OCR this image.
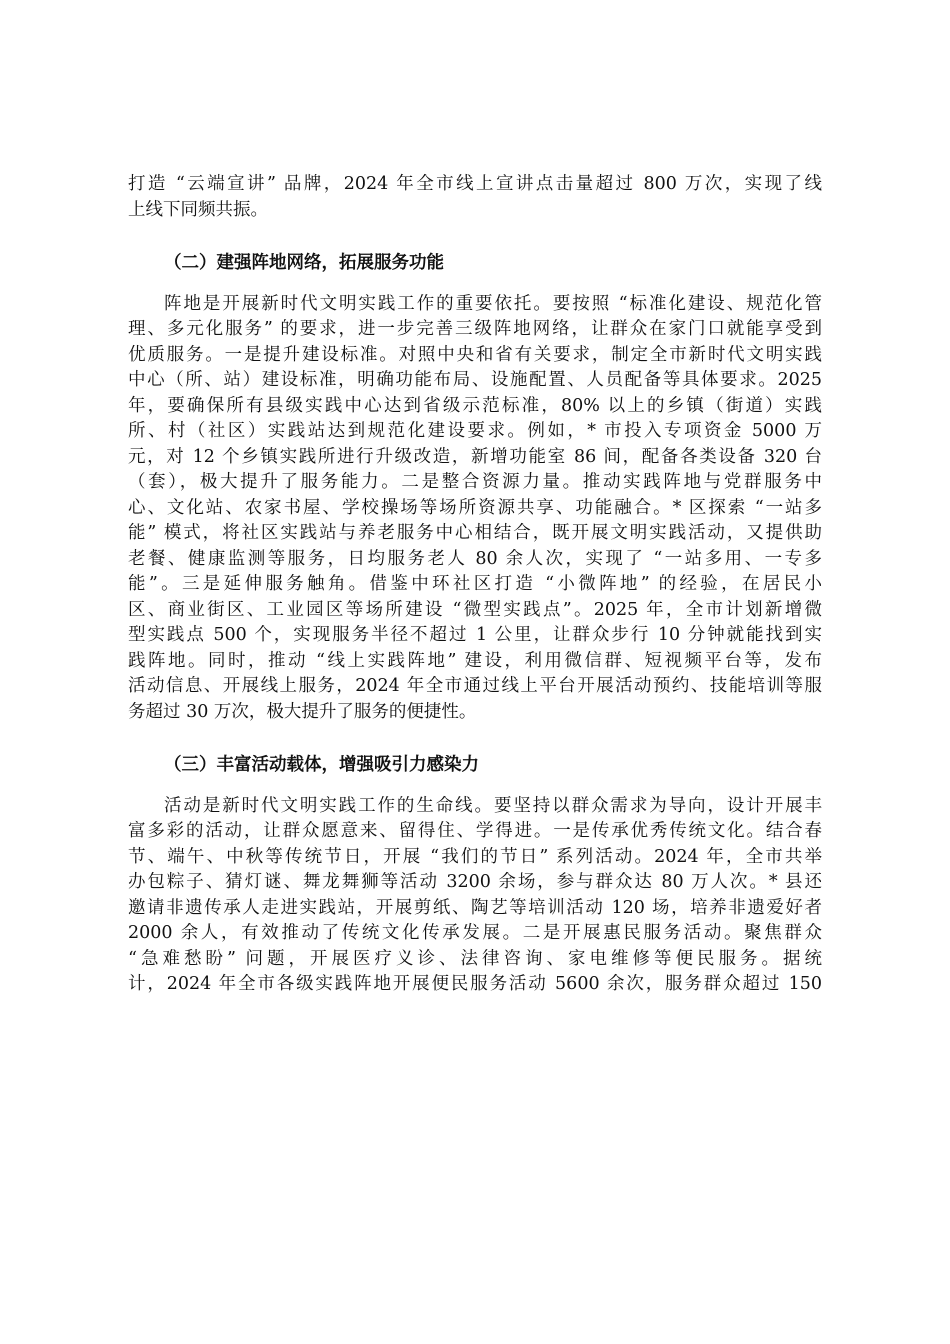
打造 “云端宣讲” 品牌，2024 年全市线上宣讲点击量超过 800 万次，实现了线
上线下同频共振。
（二）建强阵地网络，拓展服务功能
阵地是开展新时代文明实践工作的重要依托。要按照 “标准化建设、规范化管
理、多元化服务” 的要求，进一步完善三级阵地网络，让群众在家门口就能享受到
优质服务。一是提升建设标准。对照中央和省有关要求，制定全市新时代文明实践
中心（所、站）建设标准，明确功能布局、设施配置、人员配备等具体要求。2025
年，要确保所有县级实践中心达到省级示范标准，80% 以上的乡镇（街道）实践
所、村（社区）实践站达到规范化建设要求。例如，* 市投入专项资金 5000 万
元，对 12 个乡镇实践所进行升级改造，新增功能室 86 间，配备各类设备 320 台
（套），极大提升了服务能力。二是整合资源力量。推动实践阵地与党群服务中
心、文化站、农家书屋、学校操场等场所资源共享、功能融合。* 区探索 “一站多
能” 模式，将社区实践站与养老服务中心相结合，既开展文明实践活动，又提供助
老餐、健康监测等服务，日均服务老人 80 余人次，实现了 “一站多用、一专多
能”。三是延伸服务触角。借鉴中环社区打造 “小微阵地” 的经验，在居民小
区、商业街区、工业园区等场所建设 “微型实践点”。2025 年，全市计划新增微
型实践点 500 个，实现服务半径不超过 1 公里，让群众步行 10 分钟就能找到实
践阵地。同时，推动 “线上实践阵地” 建设，利用微信群、短视频平台等，发布
活动信息、开展线上服务，2024 年全市通过线上平台开展活动预约、技能培训等服
务超过 30 万次，极大提升了服务的便捷性。
（三）丰富活动载体，增强吸引力感染力
活动是新时代文明实践工作的生命线。要坚持以群众需求为导向，设计开展丰
富多彩的活动，让群众愿意来、留得住、学得进。一是传承优秀传统文化。结合春
节、端午、中秋等传统节日，开展 “我们的节日” 系列活动。2024 年，全市共举
办包粽子、猜灯谜、舞龙舞狮等活动 3200 余场，参与群众达 80 万人次。* 县还
邀请非遗传承人走进实践站，开展剪纸、陶艺等培训活动 120 场，培养非遗爱好者
2000 余人，有效推动了传统文化传承发展。二是开展惠民服务活动。聚焦群众
“急难愁盼” 问题，开展医疗义诊、法律咨询、家电维修等便民服务。据统
计，2024 年全市各级实践阵地开展便民服务活动 5600 余次，服务群众超过 150
